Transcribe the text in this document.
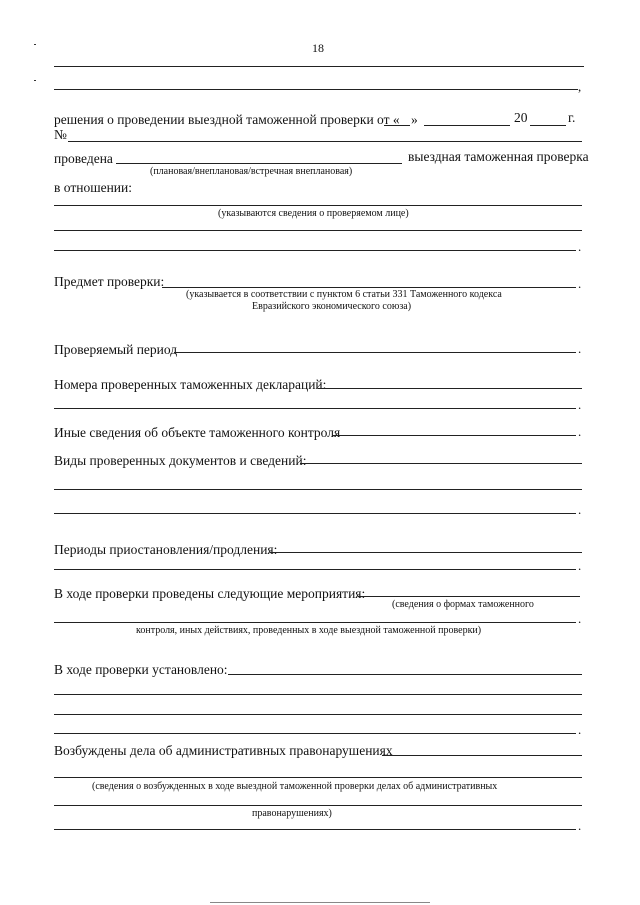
18
,
решения о проведении выездной таможенной проверки от « »	20	г.
№
проведена	выездная таможенная проверка
(плановая/внеплановая/встречная внеплановая)
в отношении:
(указываются сведения о проверяемом лице)
.
Предмет проверки:	.
(указывается в соответствии с пунктом 6 статьи 331 Таможенного кодекса
Евразийского экономического союза)
Проверяемый период	.
Номера проверенных таможенных деклараций:
.
Иные сведения об объекте таможенного контроля	.
Виды проверенных документов и сведений:
.
Периоды приостановления/продления:
.
В ходе проверки проведены следующие мероприятия:
(сведения о формах таможенного
.
контроля, иных действиях, проведенных в ходе выездной таможенной проверки)
В ходе проверки установлено:
.
Возбуждены дела об административных правонарушениях
(сведения о возбужденных в ходе выездной таможенной проверки делах об административных
правонарушениях)
.
